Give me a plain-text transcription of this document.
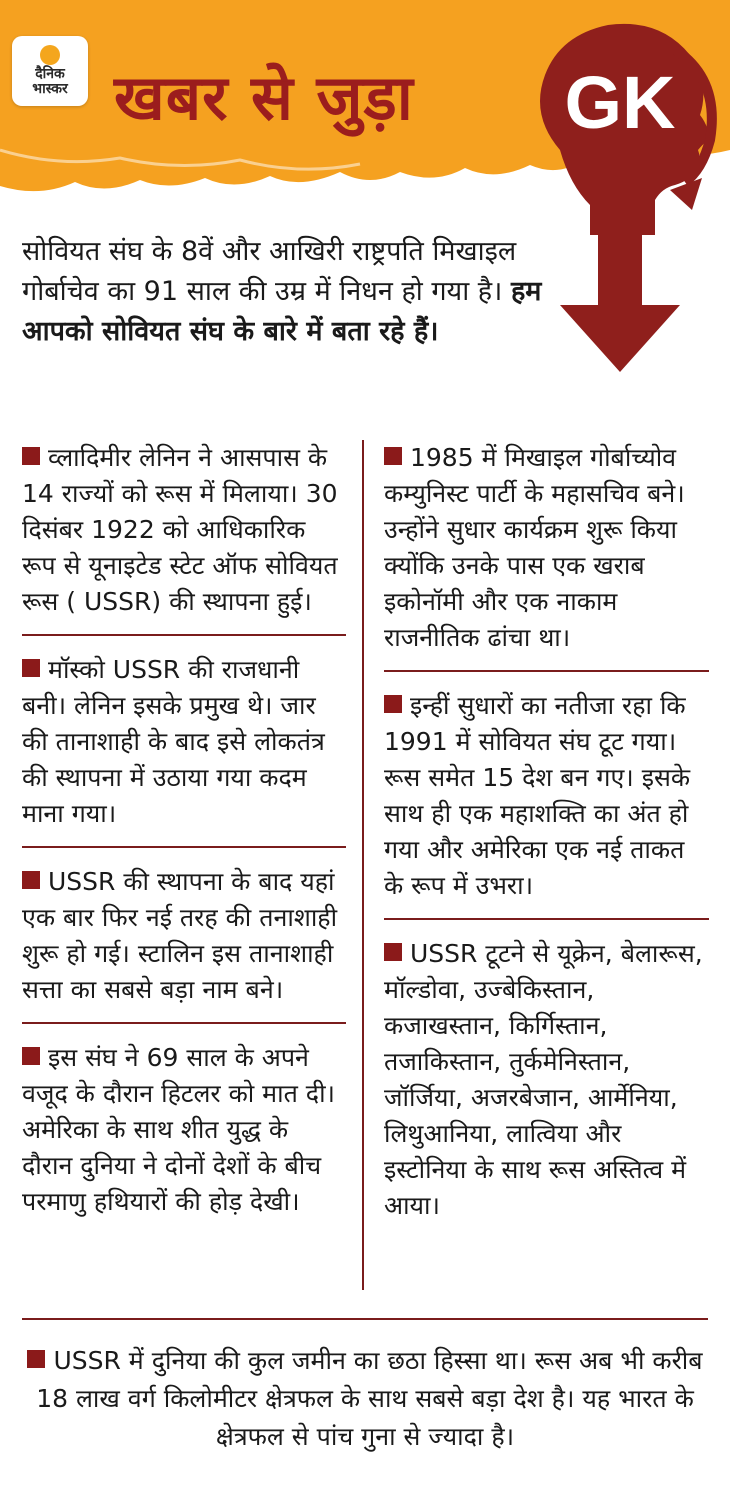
दैनिक
भास्कर खबर से जुड़ा GK
सोवियत संघ के 8वें और आखिरी राष्ट्रपति मिखाइल गोर्बाचेव का 91 साल की उम्र में निधन हो गया है। हम आपको सोवियत संघ के बारे में बता रहे हैं।
व्लादिमीर लेनिन ने आसपास के 14 राज्यों को रूस में मिलाया। 30 दिसंबर 1922 को आधिकारिक रूप से यूनाइटेड स्टेट ऑफ सोवियत रूस ( USSR) की स्थापना हुई।
मॉस्को USSR की राजधानी बनी। लेनिन इसके प्रमुख थे। जार की तानाशाही के बाद इसे लोकतंत्र की स्थापना में उठाया गया कदम माना गया।
USSR की स्थापना के बाद यहां एक बार फिर नई तरह की तनाशाही शुरू हो गई। स्टालिन इस तानाशाही सत्ता का सबसे बड़ा नाम बने।
इस संघ ने 69 साल के अपने वजूद के दौरान हिटलर को मात दी। अमेरिका के साथ शीत युद्ध के दौरान दुनिया ने दोनों देशों के बीच परमाणु हथियारों की होड़ देखी।
1985 में मिखाइल गोर्बाच्योव कम्युनिस्ट पार्टी के महासचिव बने। उन्होंने सुधार कार्यक्रम शुरू किया क्योंकि उनके पास एक खराब इकोनॉमी और एक नाकाम राजनीतिक ढांचा था।
इन्हीं सुधारों का नतीजा रहा कि 1991 में सोवियत संघ टूट गया। रूस समेत 15 देश बन गए। इसके साथ ही एक महाशक्ति का अंत हो गया और अमेरिका एक नई ताकत के रूप में उभरा।
USSR टूटने से यूक्रेन, बेलारूस, मॉल्डोवा, उज्बेकिस्तान, कजाखस्तान, किर्गिस्तान, तजाकिस्तान, तुर्कमेनिस्तान, जॉर्जिया, अजरबेजान, आर्मेनिया, लिथुआनिया, लात्विया और इस्टोनिया के साथ रूस अस्तित्व में आया।
USSR में दुनिया की कुल जमीन का छठा हिस्सा था। रूस अब भी करीब 18 लाख वर्ग किलोमीटर क्षेत्रफल के साथ सबसे बड़ा देश है। यह भारत के क्षेत्रफल से पांच गुना से ज्यादा है।
